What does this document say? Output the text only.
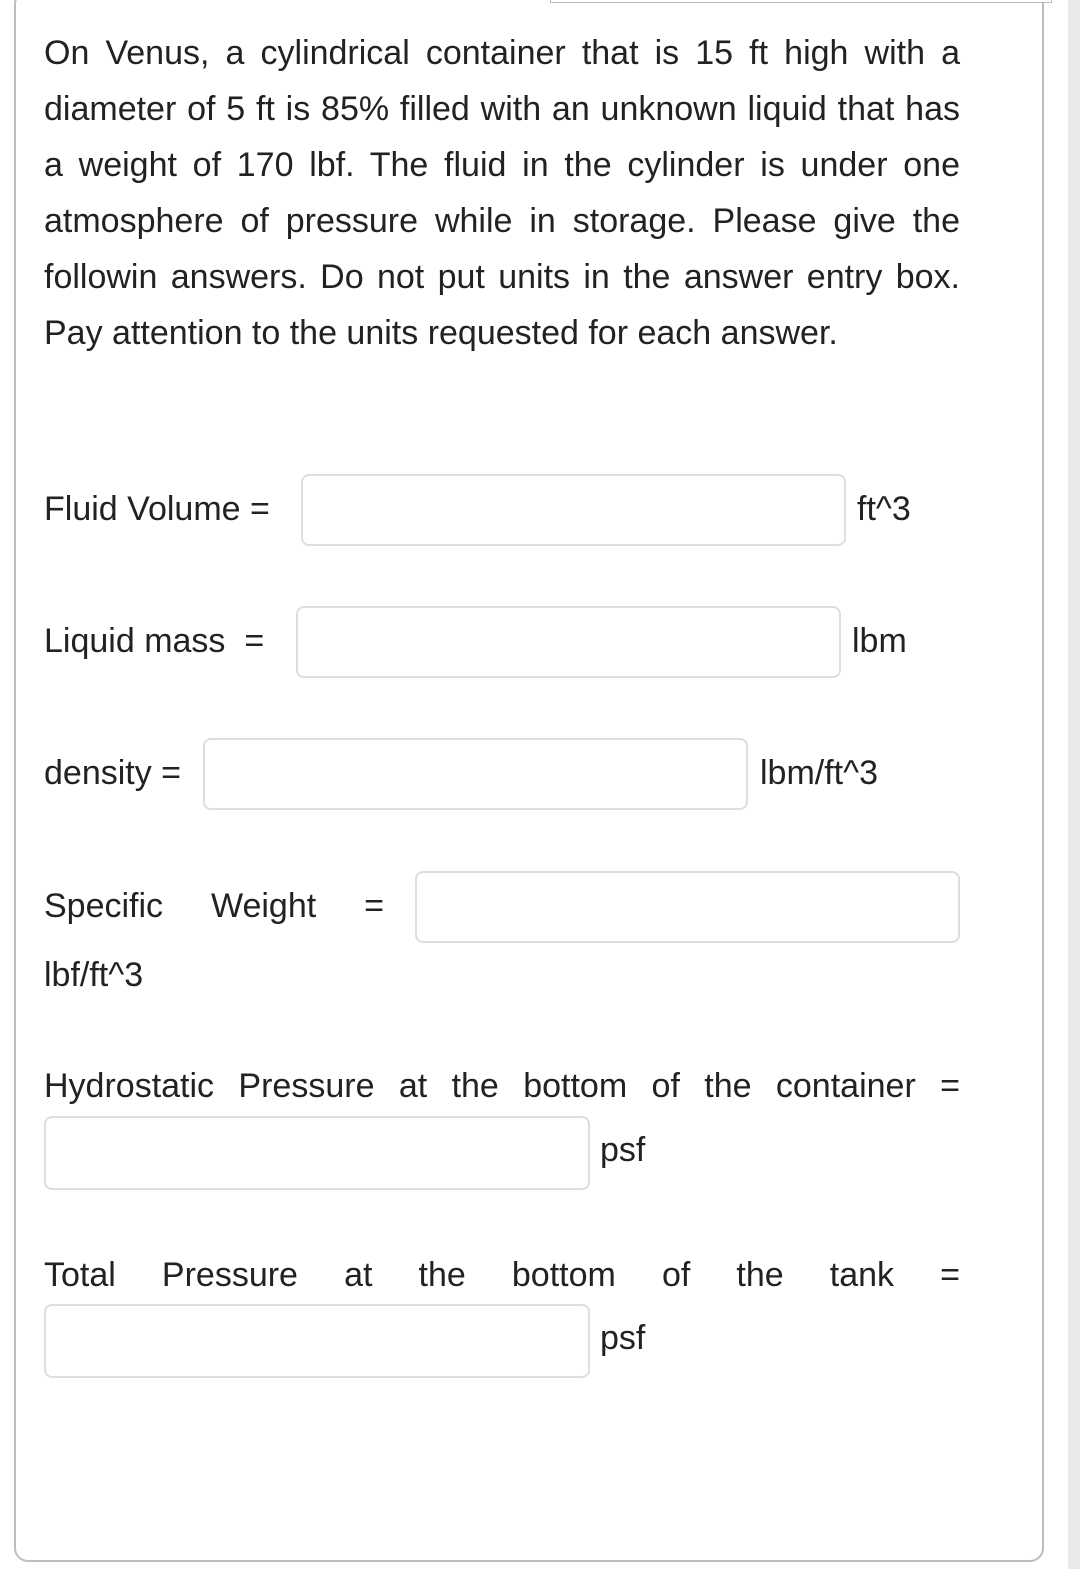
On Venus, a cylindrical container that is 15 ft high with a diameter of 5 ft is 85% filled with an unknown liquid that has a weight of 170 lbf. The fluid in the cylinder is under one atmosphere of pressure while in storage. Please give the followin answers. Do not put units in the answer entry box. Pay attention to the units requested for each answer.

Fluid Volume =	ft^3
Liquid mass  =	lbm
density =	lbm/ft^3
Specific Weight =
lbf/ft^3
Hydrostatic Pressure at the bottom of the container =
psf
Total Pressure at the bottom of the tank =
psf
